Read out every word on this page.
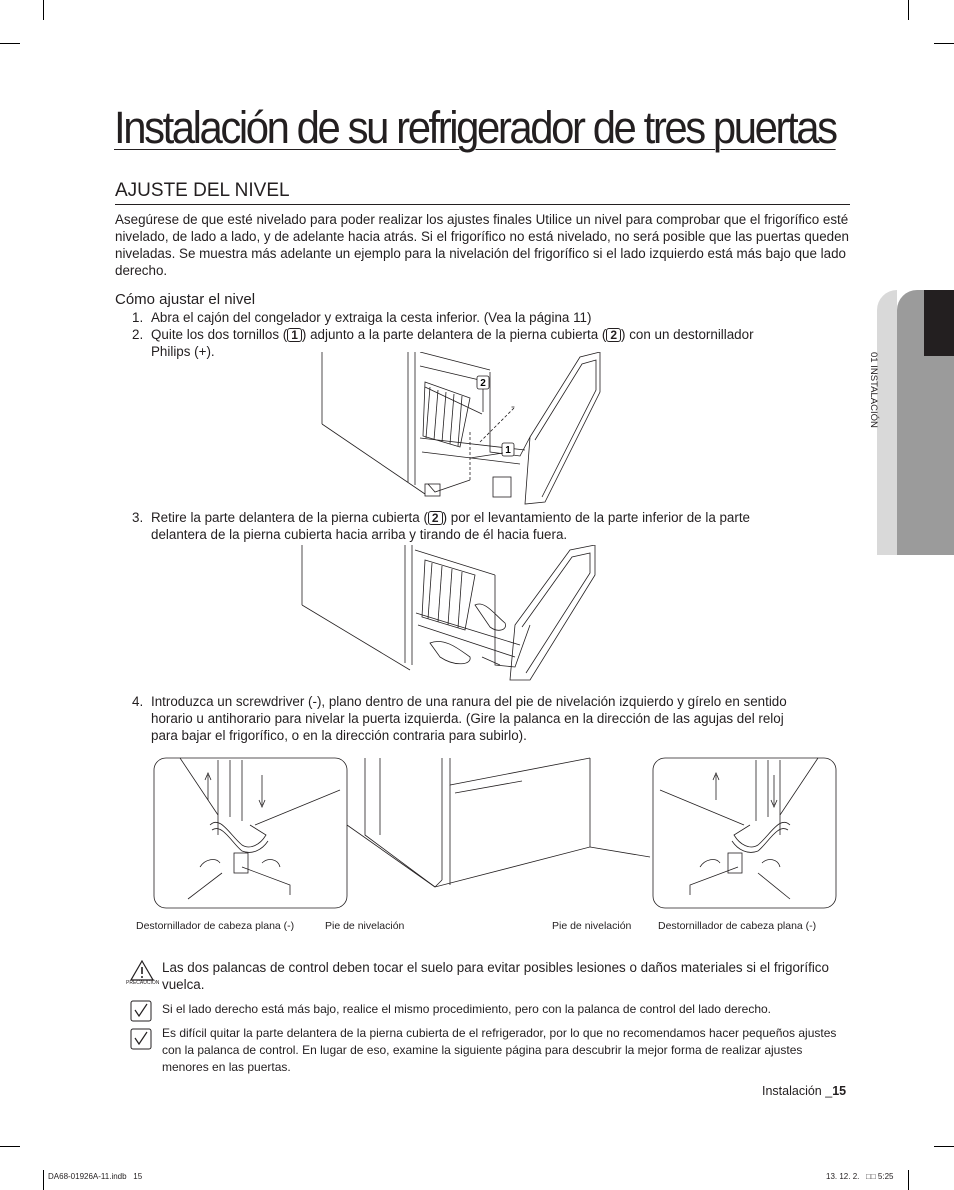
01 INSTALACIÓN
Instalación de su refrigerador de tres puertas
AJUSTE DEL NIVEL
Asegúrese de que esté nivelado para poder realizar los ajustes finales Utilice un nivel para comprobar que el frigorífico esté nivelado, de lado a lado, y de adelante hacia atrás. Si el frigorífico no está nivelado, no será posible que las puertas queden niveladas. Se muestra más adelante un ejemplo para la nivelación del frigorífico si el lado izquierdo está más bajo que lado derecho.
Cómo ajustar el nivel
1. Abra el cajón del congelador y extraiga la cesta inferior. (Vea la página 11)
2. Quite los dos tornillos ( 1 ) adjunto a la parte delantera de la pierna cubierta ( 2 ) con un destornillador
Philips (+).
2
1
3. Retire la parte delantera de la pierna cubierta ( 2 ) por el levantamiento de la parte inferior de la parte
delantera de la pierna cubierta hacia arriba y tirando de él hacia fuera.
4. Introduzca un screwdriver (-), plano dentro de una ranura del pie de nivelación izquierdo y gírelo en sentido
horario u antihorario para nivelar la puerta izquierda. (Gire la palanca en la dirección de las agujas del reloj
para bajar el frigorífico, o en la dirección contraria para subirlo).
Destornillador de cabeza plana (-)	Pie de nivelación	Pie de nivelación	Destornillador de cabeza plana (-)
PRECAUCIÓN
Las dos palancas de control deben tocar el suelo para evitar posibles lesiones o daños materiales si el frigorífico vuelca.
Si el lado derecho está más bajo, realice el mismo procedimiento, pero con la palanca de control del lado derecho.
Es difícil quitar la parte delantera de la pierna cubierta de el refrigerador, por lo que no recomendamos hacer pequeños ajustes con la palanca de control. En lugar de eso, examine la siguiente página para descubrir la mejor forma de realizar ajustes menores en las puertas.
Instalación _15
DA68-01926A-11.indb   15	13. 12. 2.   □□ 5:25
